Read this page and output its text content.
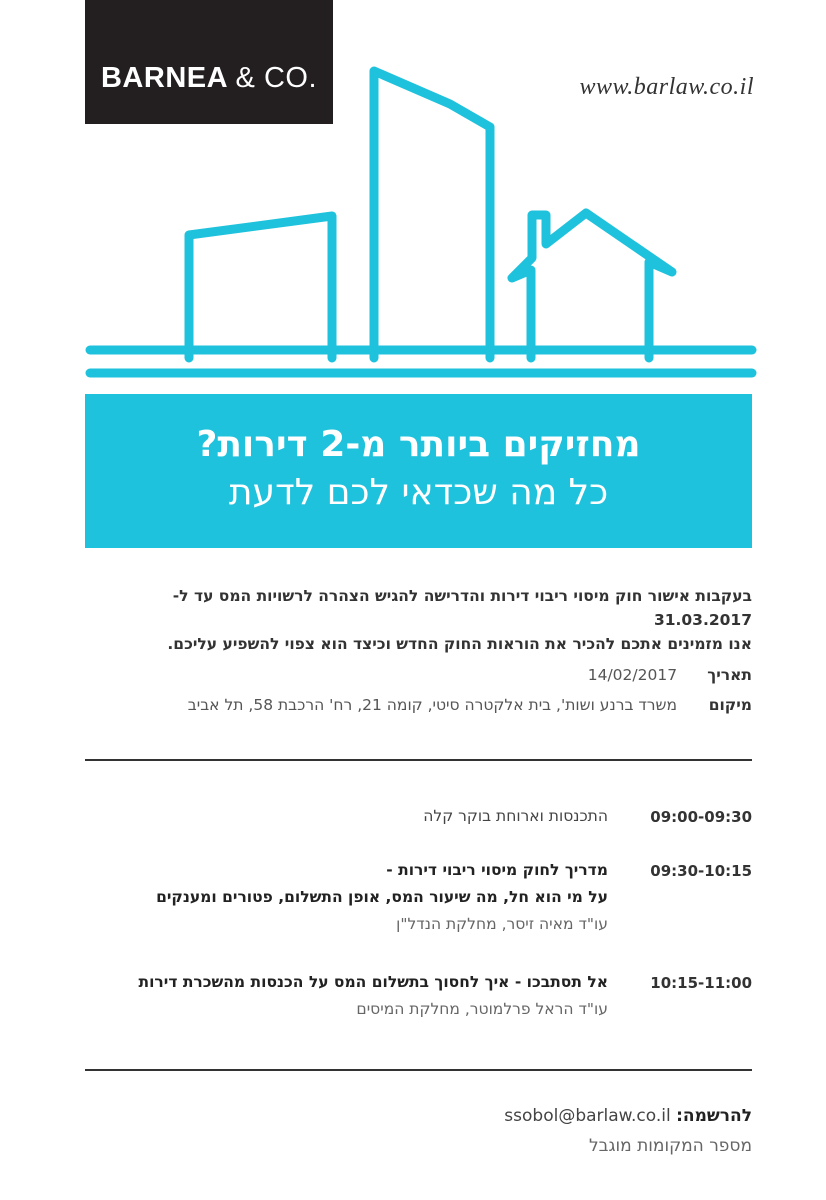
BARNEA & CO.	www.barlaw.co.il
מחזיקים ביותר מ-2 דירות?
כל מה שכדאי לכם לדעת
בעקבות אישור חוק מיסוי ריבוי דירות והדרישה להגיש הצהרה לרשויות המס עד ל- 31.03.2017
אנו מזמינים אתכם להכיר את הוראות החוק החדש וכיצד הוא צפוי להשפיע עליכם.
תאריך 14/02/2017
מיקום משרד ברנע ושות', בית אלקטרה סיטי, קומה 21, רח' הרכבת 58, תל אביב
09:00-09:30
התכנסות וארוחת בוקר קלה
09:30-10:15
מדריך לחוק מיסוי ריבוי דירות -
על מי הוא חל, מה שיעור המס, אופן התשלום, פטורים ומענקים
עו"ד מאיה זיסר, מחלקת הנדל"ן
10:15-11:00
אל תסתבכו - איך לחסוך בתשלום המס על הכנסות מהשכרת דירות
עו"ד הראל פרלמוטר, מחלקת המיסים
להרשמה: ssobol@barlaw.co.il
מספר המקומות מוגבל
